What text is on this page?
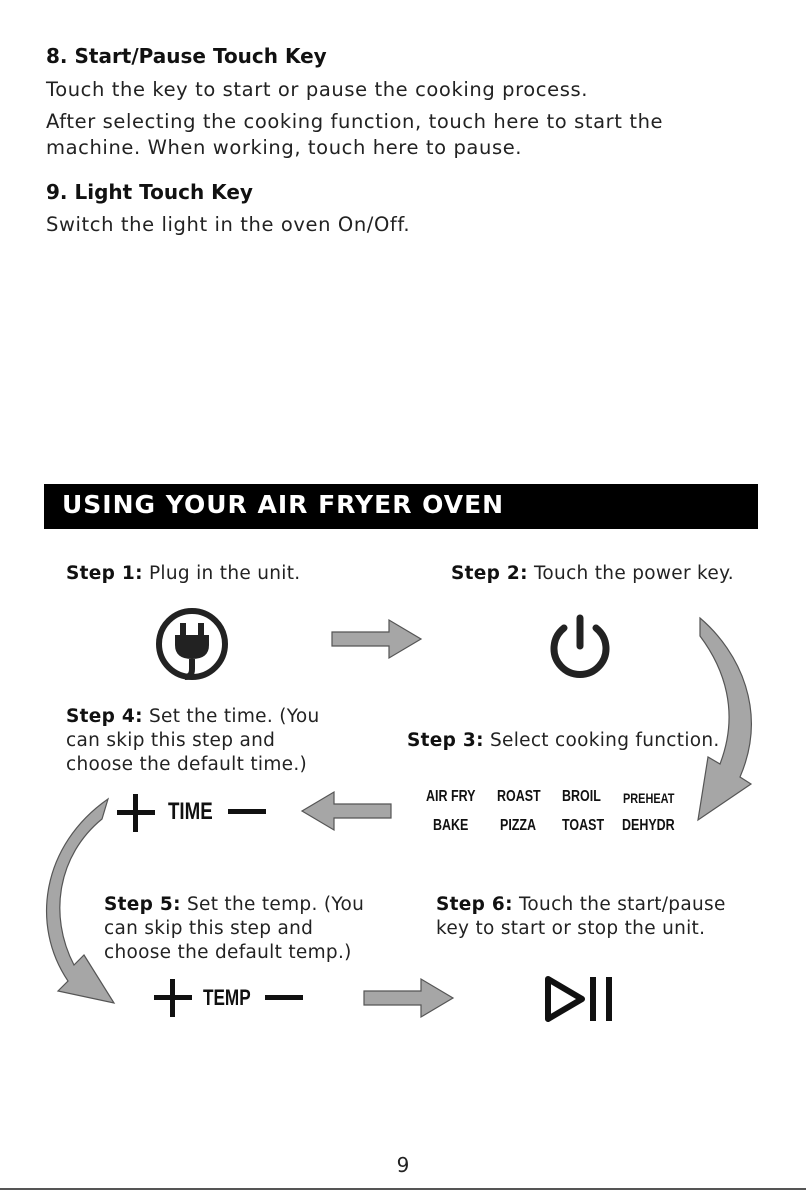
8. Start/Pause Touch Key
Touch the key to start or pause the cooking process.
After selecting the cooking function, touch here to start the
machine. When working, touch here to pause.
9. Light Touch Key
Switch the light in the oven On/Off.
USING YOUR AIR FRYER OVEN
Step 1: Plug in the unit.	Step 2: Touch the power key.
Step 4: Set the time. (You
can skip this step and
choose the default time.)
Step 3: Select cooking function.
AIR FRY ROAST BROIL PREHEAT
BAKE PIZZA TOAST DEHYDR
TIME
Step 5: Set the temp. (You
can skip this step and
choose the default temp.)
Step 6: Touch the start/pause
key to start or stop the unit.
TEMP
9
